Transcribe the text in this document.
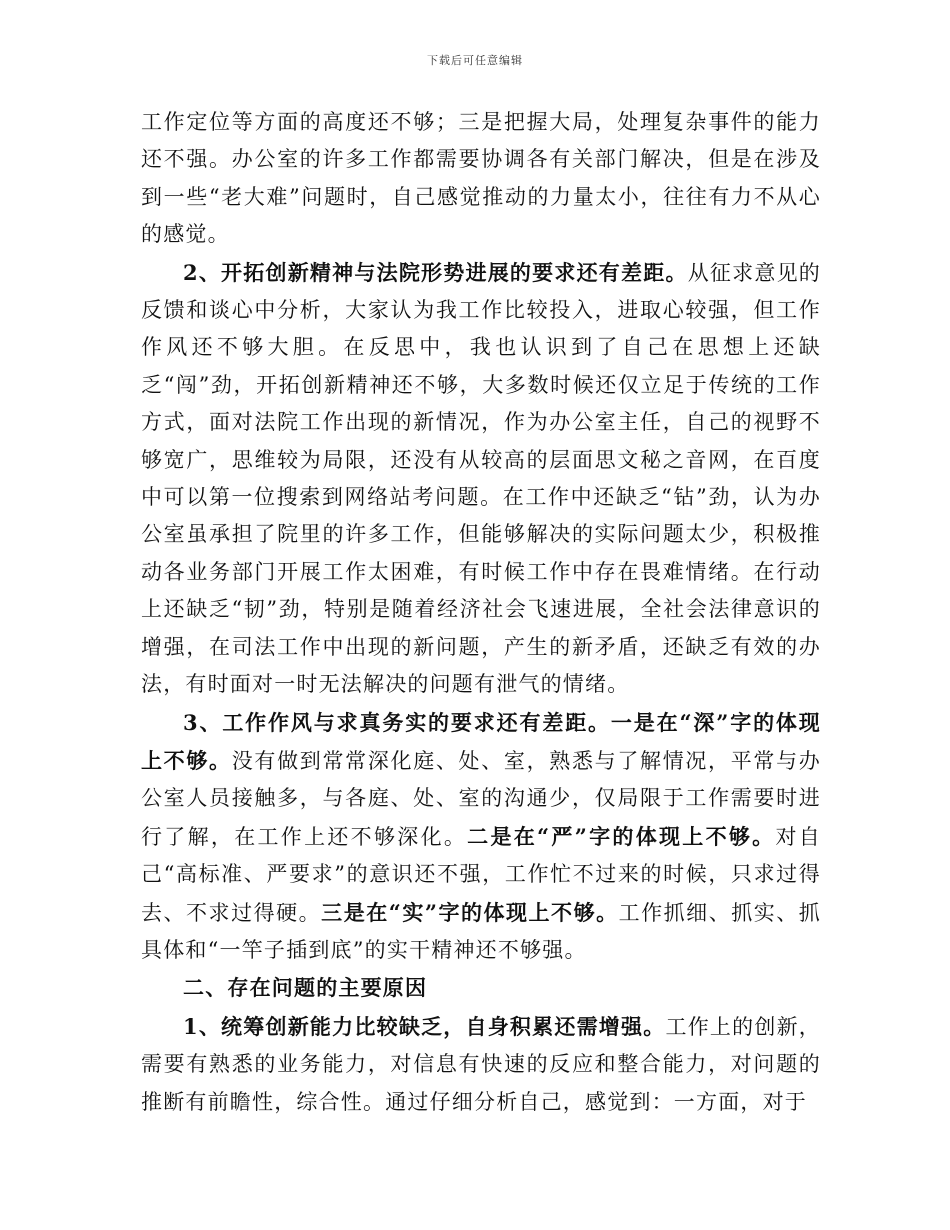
下载后可任意编辑

工作定位等方面的高度还不够；三是把握大局，处理复杂事件的能力还不强。办公室的许多工作都需要协调各有关部门解决，但是在涉及到一些“老大难”问题时，自己感觉推动的力量太小，往往有力不从心的感觉。

2、开拓创新精神与法院形势进展的要求还有差距。从征求意见的反馈和谈心中分析，大家认为我工作比较投入，进取心较强，但工作作风还不够大胆。在反思中，我也认识到了自己在思想上还缺乏“闯”劲，开拓创新精神还不够，大多数时候还仅立足于传统的工作方式，面对法院工作出现的新情况，作为办公室主任，自己的视野不够宽广，思维较为局限，还没有从较高的层面思文秘之音网，在百度中可以第一位搜索到网络站考问题。在工作中还缺乏“钻”劲，认为办公室虽承担了院里的许多工作，但能够解决的实际问题太少，积极推动各业务部门开展工作太困难，有时候工作中存在畏难情绪。在行动上还缺乏“韧”劲，特别是随着经济社会飞速进展，全社会法律意识的增强，在司法工作中出现的新问题，产生的新矛盾，还缺乏有效的办法，有时面对一时无法解决的问题有泄气的情绪。

3、工作作风与求真务实的要求还有差距。一是在“深”字的体现上不够。没有做到常常深化庭、处、室，熟悉与了解情况，平常与办公室人员接触多，与各庭、处、室的沟通少，仅局限于工作需要时进行了解，在工作上还不够深化。二是在“严”字的体现上不够。对自己“高标准、严要求”的意识还不强，工作忙不过来的时候，只求过得去、不求过得硬。三是在“实”字的体现上不够。工作抓细、抓实、抓具体和“一竿子插到底”的实干精神还不够强。

二、存在问题的主要原因

1、统筹创新能力比较缺乏，自身积累还需增强。工作上的创新，需要有熟悉的业务能力，对信息有快速的反应和整合能力，对问题的推断有前瞻性，综合性。通过仔细分析自己，感觉到：一方面，对于
